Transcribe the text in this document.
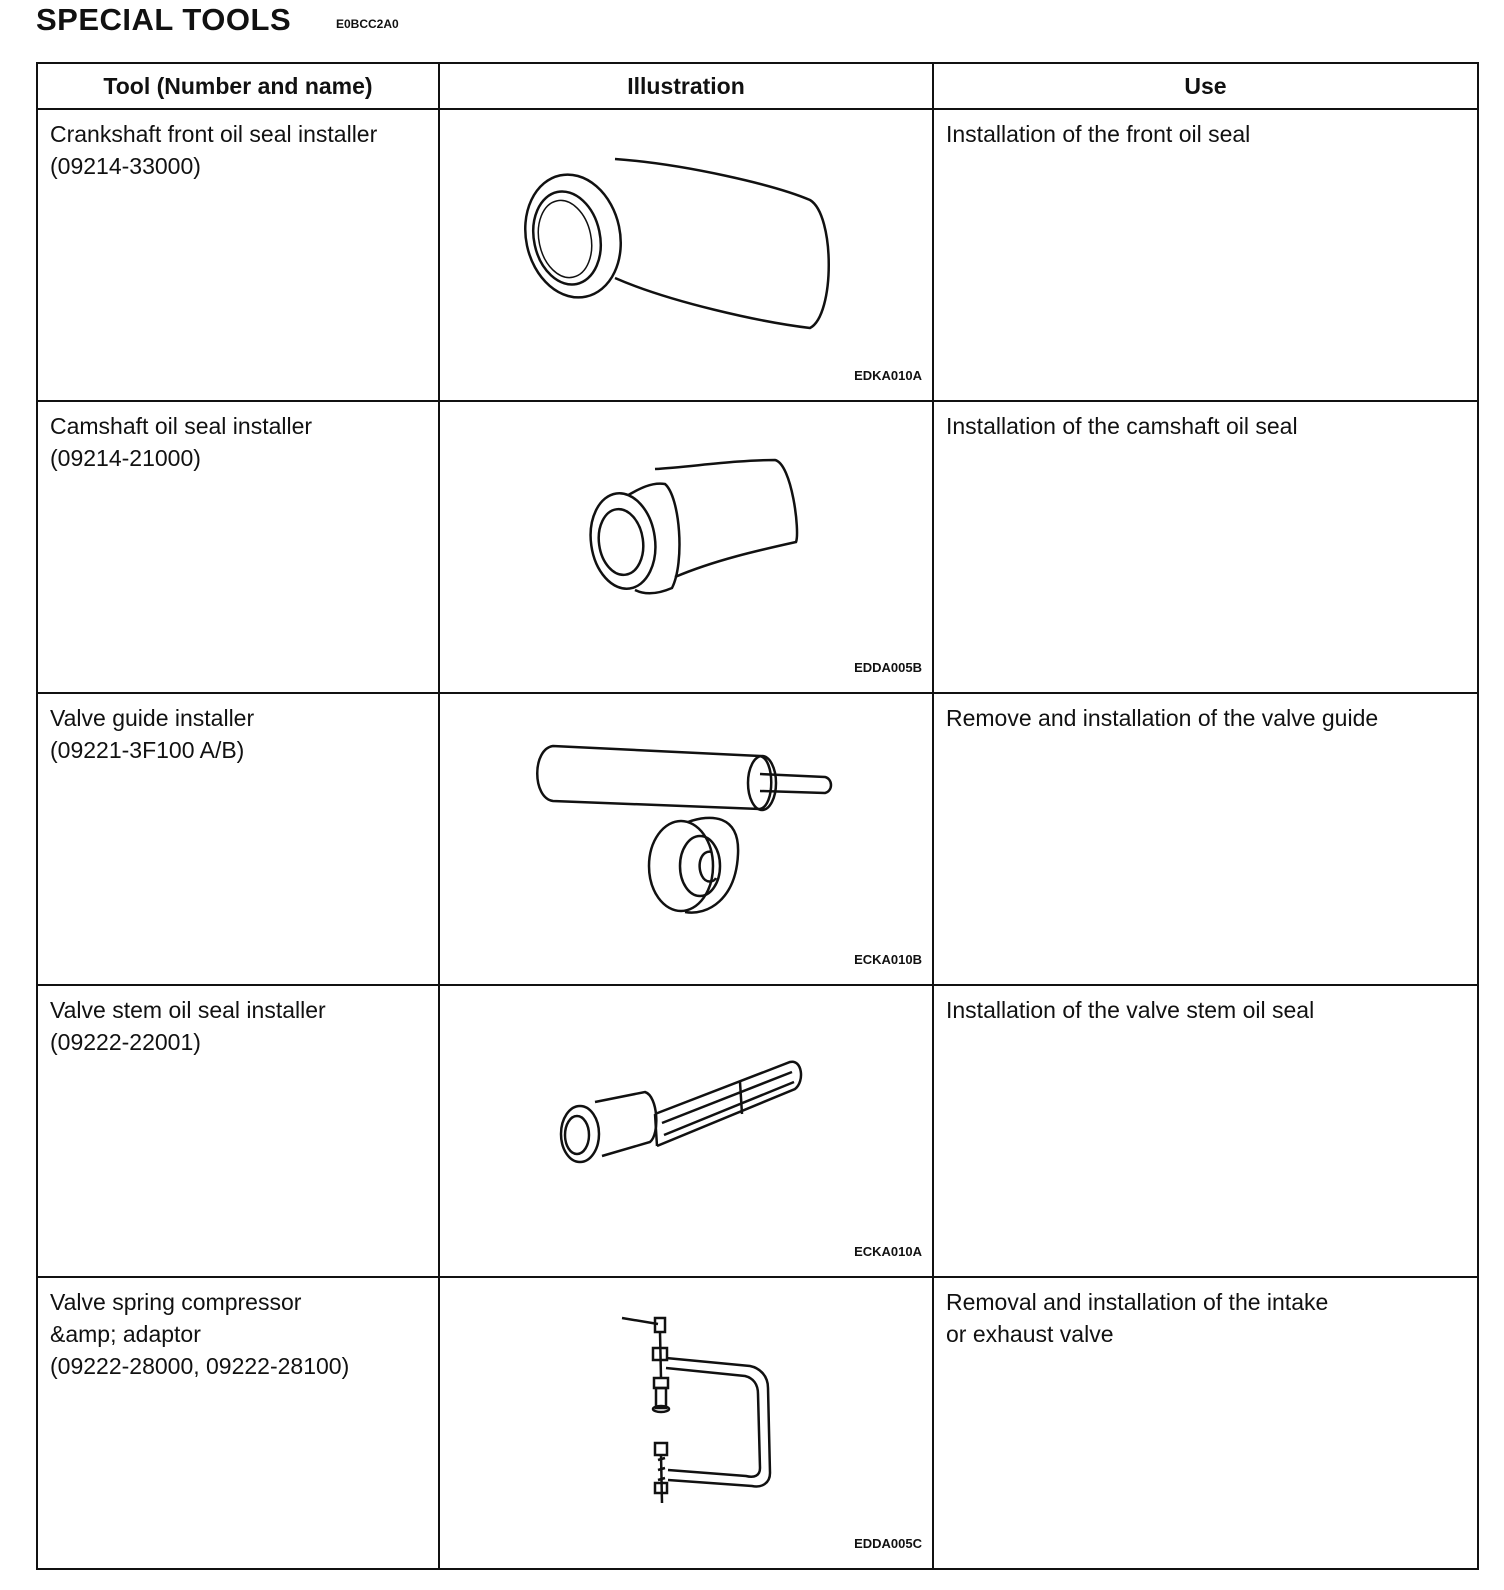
SPECIAL TOOLS	E0BCC2A0
Tool (Number and name)	Illustration	Use

Crankshaft front oil seal installer
(09214-33000)	EDKA010A	Installation of the front oil seal

Camshaft oil seal installer
(09214-21000)	EDDA005B	Installation of the camshaft oil seal

Valve guide installer
(09221-3F100 A/B)	ECKA010B	Remove and installation of the valve guide

Valve stem oil seal installer
(09222-22001)	ECKA010A	Installation of the valve stem oil seal

Valve spring compressor
&amp; adaptor
(09222-28000, 09222-28100)	EDDA005C	Removal and installation of the intake
or exhaust valve
